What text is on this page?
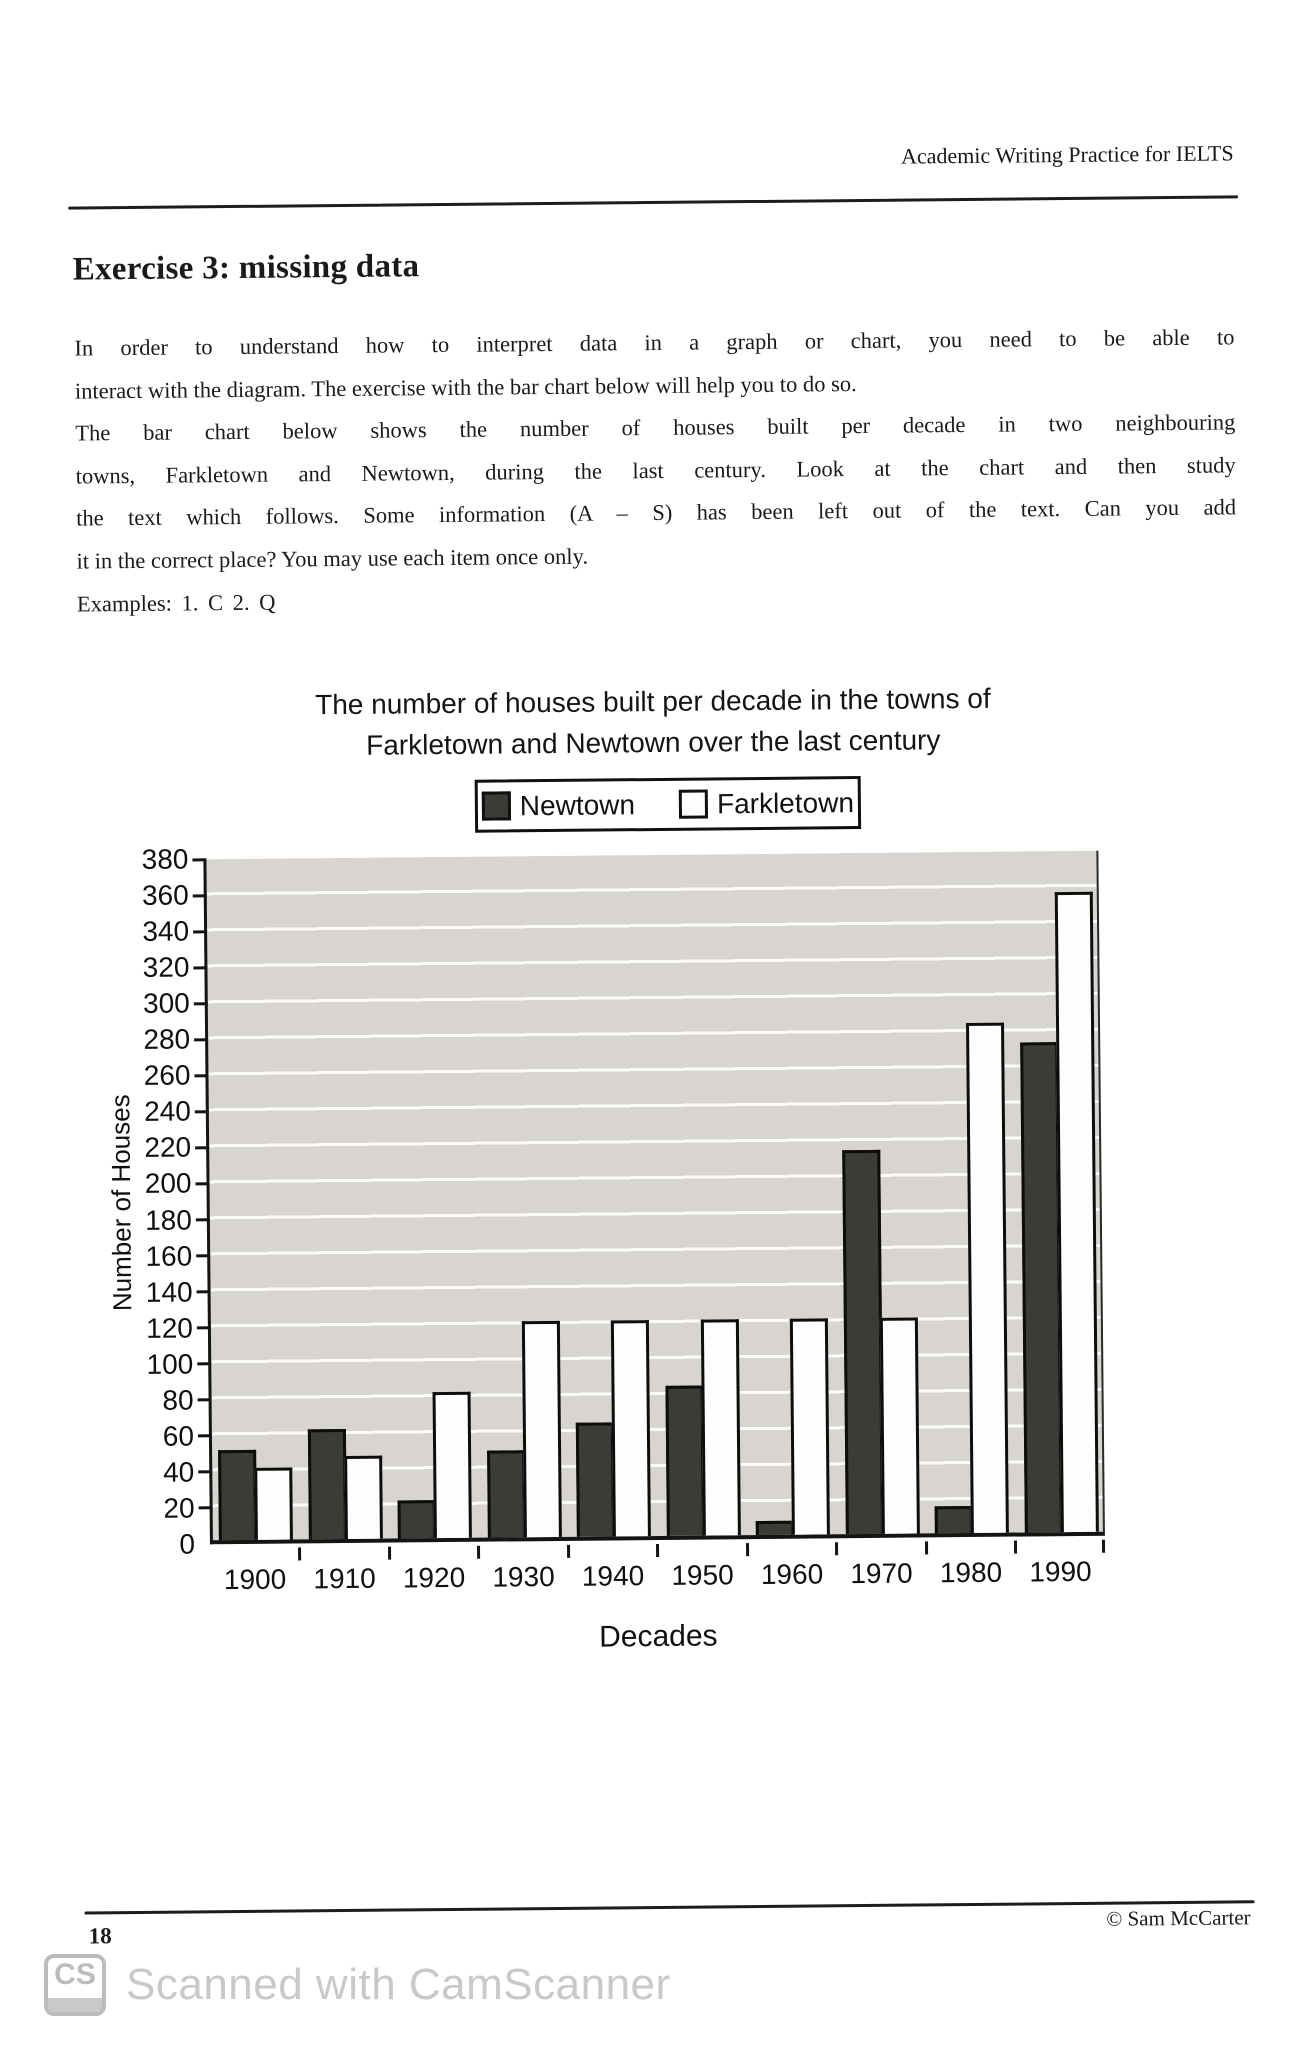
Academic Writing Practice for IELTS
Exercise 3: missing data
In order to understand how to interpret data in a graph or chart, you need to be able to
interact with the diagram. The exercise with the bar chart below will help you to do so.
The bar chart below shows the number of houses built per decade in two neighbouring
towns, Farkletown and Newtown, during the last century. Look at the chart and then study
the text which follows. Some information (A – S) has been left out of the text. Can you add
it in the correct place? You may use each item once only.
Examples: 1. C 2. Q
The number of houses built per decade in the towns of
Farkletown and Newtown over the last century
Newtown	Farkletown
Number of Houses
380
360
340
320
300
280
260
240
220
200
180
160
140
120
100
80
60
40
20
0
1900 1910 1920 1930 1940 1950 1960 1970 1980 1990
Decades
18
© Sam McCarter
CS Scanned with CamScanner
